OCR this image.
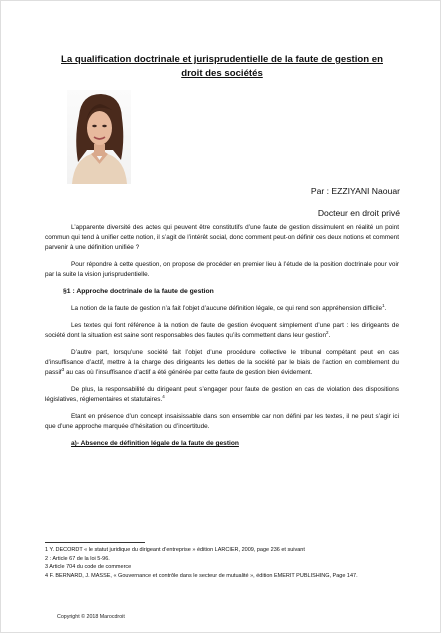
La qualification doctrinale et jurisprudentielle de la faute de gestion en
droit des sociétés
Par : EZZIYANI Naouar
Docteur en droit privé

L’apparente diversité des actes qui peuvent être constitutifs d’une faute de gestion dissimulent en réalité un point commun qui tend à unifier cette notion, il s’agit de l’intérêt social, donc comment peut-on définir ces deux notions et comment parvenir à une définition unifiée ?

Pour répondre à cette question, on propose de procéder en premier lieu à l’étude de la position doctrinale pour voir par la suite la vision jurisprudentielle.

§1 : Approche doctrinale de la faute de gestion

La notion de la faute de gestion n’a fait l’objet d’aucune définition légale, ce qui rend son appréhension difficile$^1$.

Les textes qui font référence à la notion de faute de gestion évoquent simplement d’une part : les dirigeants de société dont la situation est saine sont responsables des fautes qu’ils commettent dans leur gestion$^2$.

D’autre part, lorsqu’une société fait l’objet d’une procédure collective le tribunal compétant peut en cas d’insuffisance d’actif, mettre à la charge des dirigeants les dettes de la société par le biais de l’action en comblement du passif$^3$ au cas où l’insuffisance d’actif a été générée par cette faute de gestion bien évidement.

De plus, la responsabilité du dirigeant peut s’engager pour faute de gestion en cas de violation des dispositions législatives, réglementaires et statutaires.$^4$

Etant en présence d’un concept insaisissable dans son ensemble car non défini par les textes, il ne peut s’agir ici que d’une approche marquée d’hésitation ou d’incertitude.

a)- Absence de définition légale de la faute de gestion

1 Y. DECORDT « le statut juridique du dirigeant d’entreprise » édition LARCIER, 2009, page 236 et suivant

2 : Article 67 de la loi 5-96.

3 Article 704 du code de commerce

4 F. BERNARD, J. MASSE, « Gouvernance et contrôle dans le secteur de mutualité », édition EMERIT PUBLISHING, Page 147.

Copyright © 2018 Marocdroit
